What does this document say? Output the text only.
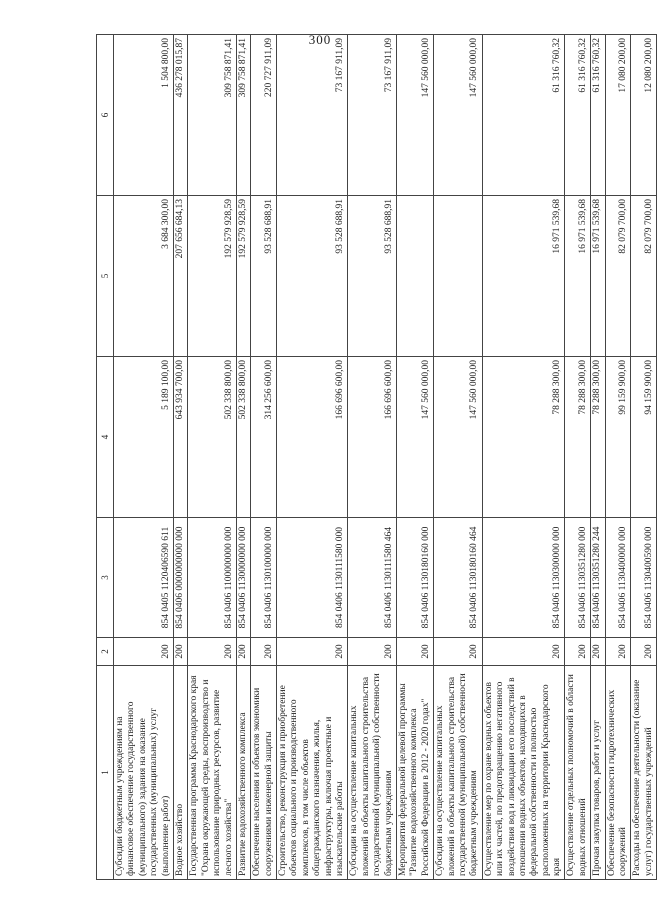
300
1	2	3	4	5	6
Субсидии бюджетным учреждениям на финансовое обеспечение государственного (муниципального) задания на оказание государственных (муниципальных) услуг (выполнение работ)	200	854 0405 1120406590 611	5 189 100,00	3 684 300,00	1 504 800,00
Водное хозяйство	200	854 0406 0000000000 000	643 934 700,00	207 656 684,13	436 278 015,87
Государственная программа Краснодарского края "Охрана окружающей среды, воспроизводство и использование природных ресурсов, развитие лесного хозяйства"	200	854 0406 1100000000 000	502 338 800,00	192 579 928,59	309 758 871,41
Развитие водохозяйственного комплекса	200	854 0406 1130000000 000	502 338 800,00	192 579 928,59	309 758 871,41
Обеспечение населения и объектов экономики сооружениями инженерной защиты	200	854 0406 1130100000 000	314 256 600,00	93 528 688,91	220 727 911,09
Строительство, реконструкция и приобретение объектов социального и производственного комплексов, в том числе объектов общегражданского назначения, жилья, инфраструктуры, включая проектные и изыскательские работы	200	854 0406 1130111580 000	166 696 600,00	93 528 688,91	73 167 911,09
Субсидии на осуществление капитальных вложений в объекты капитального строительства государственной (муниципальной) собственности бюджетным учреждениям	200	854 0406 1130111580 464	166 696 600,00	93 528 688,91	73 167 911,09
Мероприятия федеральной целевой программы "Развитие водохозяйственного комплекса Российской Федерации в 2012 - 2020 годах"	200	854 0406 1130180160 000	147 560 000,00		147 560 000,00
Субсидии на осуществление капитальных вложений в объекты капитального строительства государственной (муниципальной) собственности бюджетным учреждениям	200	854 0406 1130180160 464	147 560 000,00		147 560 000,00
Осуществление мер по охране водных объектов или их частей, по предотвращению негативного воздействия вод и ликвидации его последствий в отношении водных объектов, находящихся в федеральной собственности и полностью расположенных на территории Краснодарского края	200	854 0406 1130300000 000	78 288 300,00	16 971 539,68	61 316 760,32
Осуществление отдельных полномочий в области водных отношений	200	854 0406 1130351280 000	78 288 300,00	16 971 539,68	61 316 760,32
Прочая закупка товаров, работ и услуг	200	854 0406 1130351280 244	78 288 300,00	16 971 539,68	61 316 760,32
Обеспечение безопасности гидротехнических сооружений	200	854 0406 1130400000 000	99 159 900,00	82 079 700,00	17 080 200,00
Расходы на обеспечение деятельности (оказание услуг) государственных учреждений	200	854 0406 1130400590 000	94 159 900,00	82 079 700,00	12 080 200,00
